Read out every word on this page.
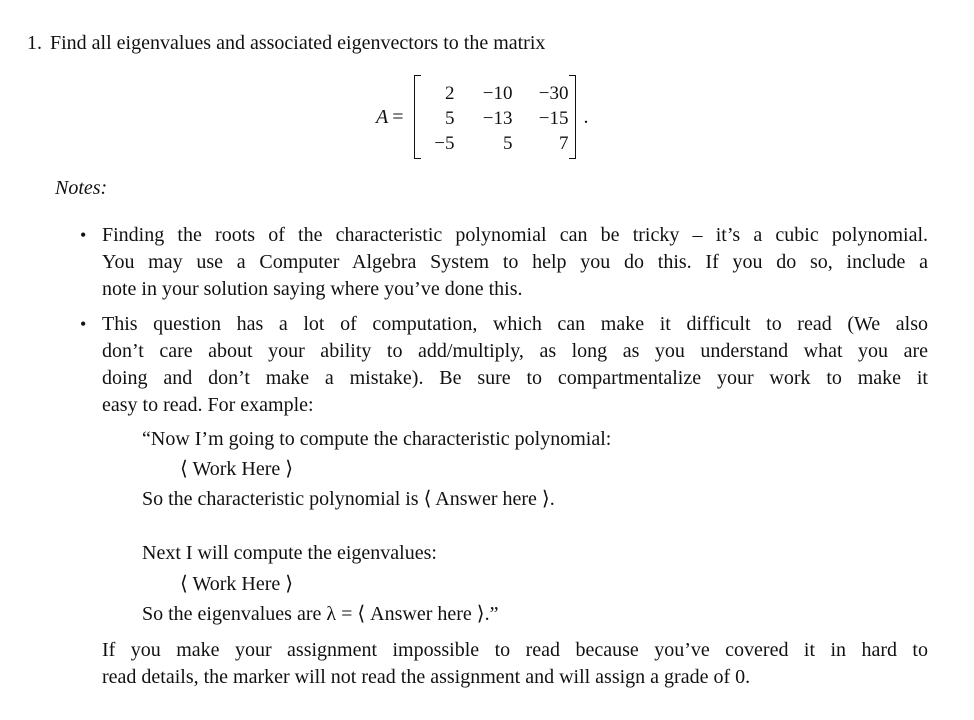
1. Find all eigenvalues and associated eigenvectors to the matrix
A =
2	−10	−30
5	−13	−15
−5	5	7
.
Notes:
• Finding the roots of the characteristic polynomial can be tricky – it’s a cubic polynomial.
You may use a Computer Algebra System to help you do this. If you do so, include a
note in your solution saying where you’ve done this.
• This question has a lot of computation, which can make it difficult to read (We also
don’t care about your ability to add/multiply, as long as you understand what you are
doing and don’t make a mistake). Be sure to compartmentalize your work to make it
easy to read. For example:
“Now I’m going to compute the characteristic polynomial:
⟨ Work Here ⟩
So the characteristic polynomial is ⟨ Answer here ⟩.
Next I will compute the eigenvalues:
⟨ Work Here ⟩
So the eigenvalues are λ = ⟨ Answer here ⟩.”
If you make your assignment impossible to read because you’ve covered it in hard to
read details, the marker will not read the assignment and will assign a grade of 0.
